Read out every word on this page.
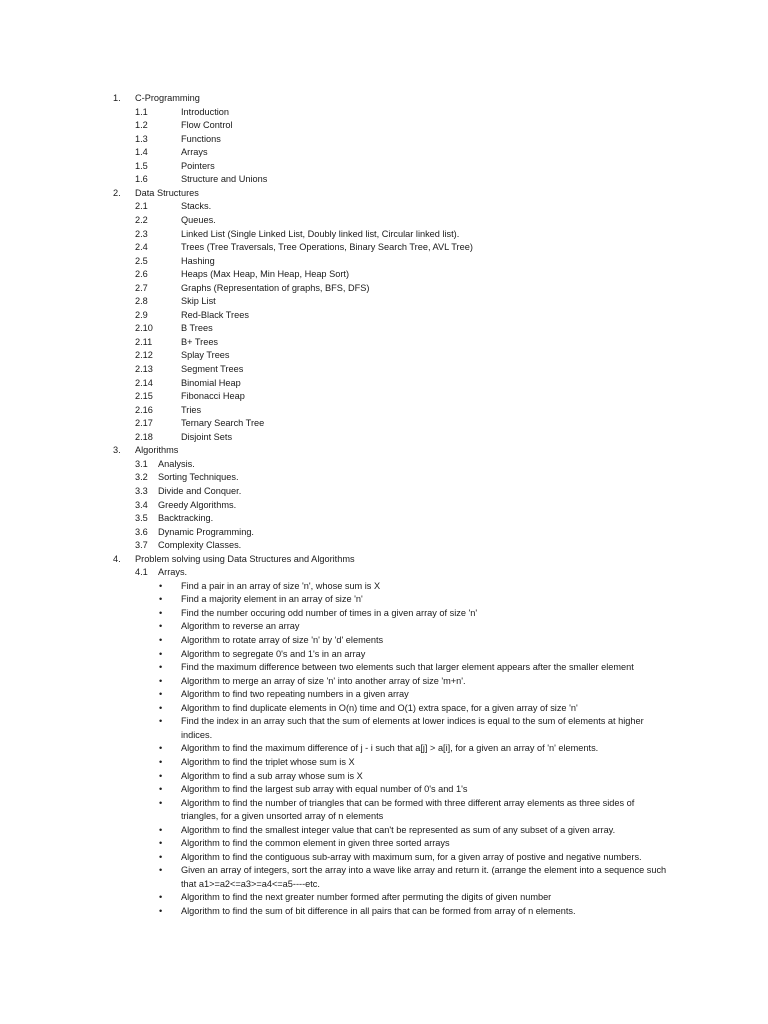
1. C-Programming
1.1	Introduction
1.2	Flow Control
1.3	Functions
1.4	Arrays
1.5	Pointers
1.6	Structure and Unions
2. Data Structures
2.1	Stacks.
2.2	Queues.
2.3	Linked List (Single Linked List, Doubly linked list, Circular linked list).
2.4	Trees (Tree Traversals, Tree Operations, Binary Search Tree, AVL Tree)
2.5	Hashing
2.6	Heaps (Max Heap, Min Heap, Heap Sort)
2.7	Graphs (Representation of graphs, BFS, DFS)
2.8	Skip List
2.9	Red-Black Trees
2.10	B Trees
2.11	B+ Trees
2.12	Splay Trees
2.13	Segment Trees
2.14	Binomial Heap
2.15	Fibonacci Heap
2.16	Tries
2.17	Ternary Search Tree
2.18	Disjoint Sets
3. Algorithms
3.1 Analysis.
3.2 Sorting Techniques.
3.3 Divide and Conquer.
3.4 Greedy Algorithms.
3.5 Backtracking.
3.6 Dynamic Programming.
3.7 Complexity Classes.
4. Problem solving using Data Structures and Algorithms
4.1 Arrays.
• Find a pair in an array of size 'n', whose sum is X
• Find a majority element in an array of size 'n'
• Find the number occuring odd number of times in a given array of size 'n'
• Algorithm to reverse an array
• Algorithm to rotate array of size 'n' by 'd' elements
• Algorithm to segregate 0's and 1's in an array
• Find the maximum difference between two elements such that larger element appears after the smaller element
• Algorithm to merge an array of size 'n' into another array of size 'm+n'.
• Algorithm to find two repeating numbers in a given array
• Algorithm to find duplicate elements in O(n) time and O(1) extra space, for a given array of size 'n'
• Find the index in an array such that the sum of elements at lower indices is equal to the sum of elements at higher
indices.
• Algorithm to find the maximum difference of j - i such that a[j] > a[i], for a given an array of 'n' elements.
• Algorithm to find the triplet whose sum is X
• Algorithm to find a sub array whose sum is X
• Algorithm to find the largest sub array with equal number of 0's and 1's
• Algorithm to find the number of triangles that can be formed with three different array elements as three sides of
triangles, for a given unsorted array of n elements
• Algorithm to find the smallest integer value that can't be represented as sum of any subset of a given array.
• Algorithm to find the common element in given three sorted arrays
• Algorithm to find the contiguous sub-array with maximum sum, for a given array of postive and negative numbers.
• Given an array of integers, sort the array into a wave like array and return it. (arrange the element into a sequence such
that a1>=a2<=a3>=a4<=a5----etc.
• Algorithm to find the next greater number formed after permuting the digits of given number
• Algorithm to find the sum of bit difference in all pairs that can be formed from array of n elements.
